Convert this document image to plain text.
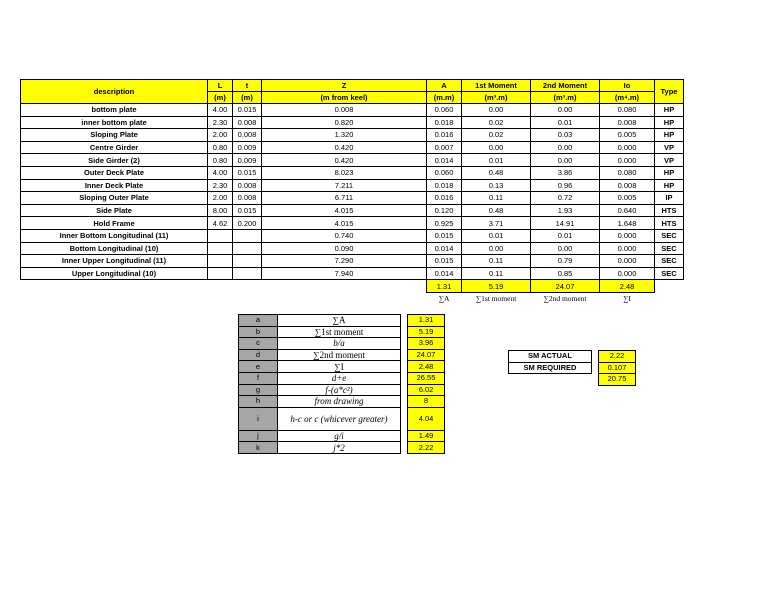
description	L	t	Z	A	1st Moment	2nd Moment	Io	Type
	(m)	(m)	(m from keel)	(m.m)	(m³.m)	(m³.m)	(m⁴.m)	
bottom plate	4.00	0.015	0.008	0.060	0.00	0.00	0.080	HP
inner bottom plate	2.30	0.008	0.820	0.018	0.02	0.01	0.008	HP
Sloping Plate	2.00	0.008	1.320	0.016	0.02	0.03	0.005	HP
Centre Girder	0.80	0.009	0.420	0.007	0.00	0.00	0.000	VP
Side Girder (2)	0.80	0.009	0.420	0.014	0.01	0.00	0.000	VP
Outer Deck Plate	4.00	0.015	8.023	0.060	0.48	3.86	0.080	HP
Inner Deck Plate	2.30	0.008	7.211	0.018	0.13	0.96	0.008	HP
Sloping Outer Plate	2.00	0.008	6.711	0.016	0.11	0.72	0.005	IP
Side Plate	8.00	0.015	4.015	0.120	0.48	1.93	0.640	HTS
Hold Frame	4.62	0.200	4.015	0.925	3.71	14.91	1.648	HTS
Inner Bottom Longitudinal (11)			0.740	0.015	0.01	0.01	0.000	SEC
Bottom Longitudinal (10)			0.090	0.014	0.00	0.00	0.000	SEC
Inner Upper Longitudinal (11)			7.290	0.015	0.11	0.79	0.000	SEC
Upper Longitudinal (10)			7.940	0.014	0.11	0.85	0.000	SEC
				1.31	5.19	24.07	2.48	
				∑A	∑1st moment	∑2nd moment	∑I	
a	∑A		1.31
b	∑1st moment		5.19
c	b/a		3.96
d	∑2nd moment		24.07
e	∑I		2.48
f	d+e		26.55
g	f-(a*c²)		6.02
h	from drawing		8
i	h-c or c (whicever greater)		4.04
j	g/i		1.49
k	j*2		2.22
SM ACTUAL		2.22
SM REQUIRED		0.107
		20.75
